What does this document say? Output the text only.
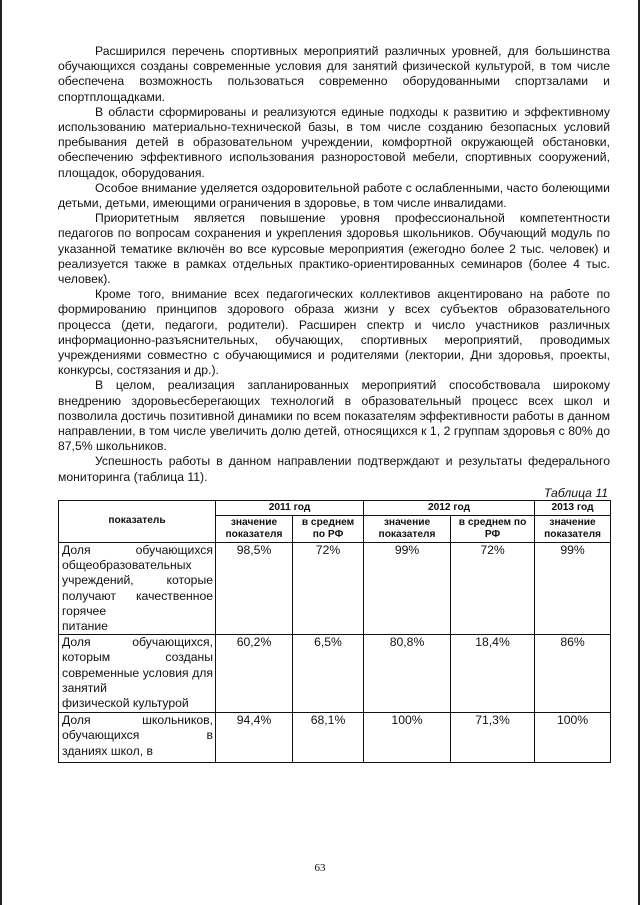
Расширился перечень спортивных мероприятий различных уровней, для большинства обучающихся созданы современные условия для занятий физической культурой, в том числе обеспечена возможность пользоваться современно оборудованными спортзалами и спортплощадками.

В области сформированы и реализуются единые подходы к развитию и эффективному использованию материально-технической базы, в том числе созданию безопасных условий пребывания детей в образовательном учреждении, комфортной окружающей обстановки, обеспечению эффективного использования разноростовой мебели, спортивных сооружений, площадок, оборудования.

Особое внимание уделяется оздоровительной работе с ослабленными, часто болеющими детьми, детьми, имеющими ограничения в здоровье, в том числе инвалидами.

Приоритетным является повышение уровня профессиональной компетентности педагогов по вопросам сохранения и укрепления здоровья школьников. Обучающий модуль по указанной тематике включён во все курсовые мероприятия (ежегодно более 2 тыс. человек) и реализуется также в рамках отдельных практико-ориентированных семинаров (более 4 тыс. человек).

Кроме того, внимание всех педагогических коллективов акцентировано на работе по формированию принципов здорового образа жизни у всех субъектов образовательного процесса (дети, педагоги, родители). Расширен спектр и число участников различных информационно-разъяснительных, обучающих, спортивных мероприятий, проводимых учреждениями совместно с обучающимися и родителями (лектории, Дни здоровья, проекты, конкурсы, состязания и др.).

В целом, реализация запланированных мероприятий способствовала широкому внедрению здоровьесберегающих технологий в образовательный процесс всех школ и позволила достичь позитивной динамики по всем показателям эффективности работы в данном направлении, в том числе увеличить долю детей, относящихся к 1, 2 группам здоровья с 80% до 87,5% школьников.

Успешность работы в данном направлении подтверждают и результаты федерального мониторинга (таблица 11).

Таблица 11
показатель	2011 год		2012 год		2013 год
	значение показателя	в среднем по РФ	значение показателя	в среднем по РФ	значение показателя
Доля обучающихся общеобразовательных учреждений, которые получают качественное горячее
питание	98,5%	72%	99%	72%	99%
Доля обучающихся, которым созданы современные условия для занятий
физической культурой	60,2%	6,5%	80,8%	18,4%	86%
Доля школьников, обучающихся в
зданиях школ, в	94,4%	68,1%	100%	71,3%	100%
63
